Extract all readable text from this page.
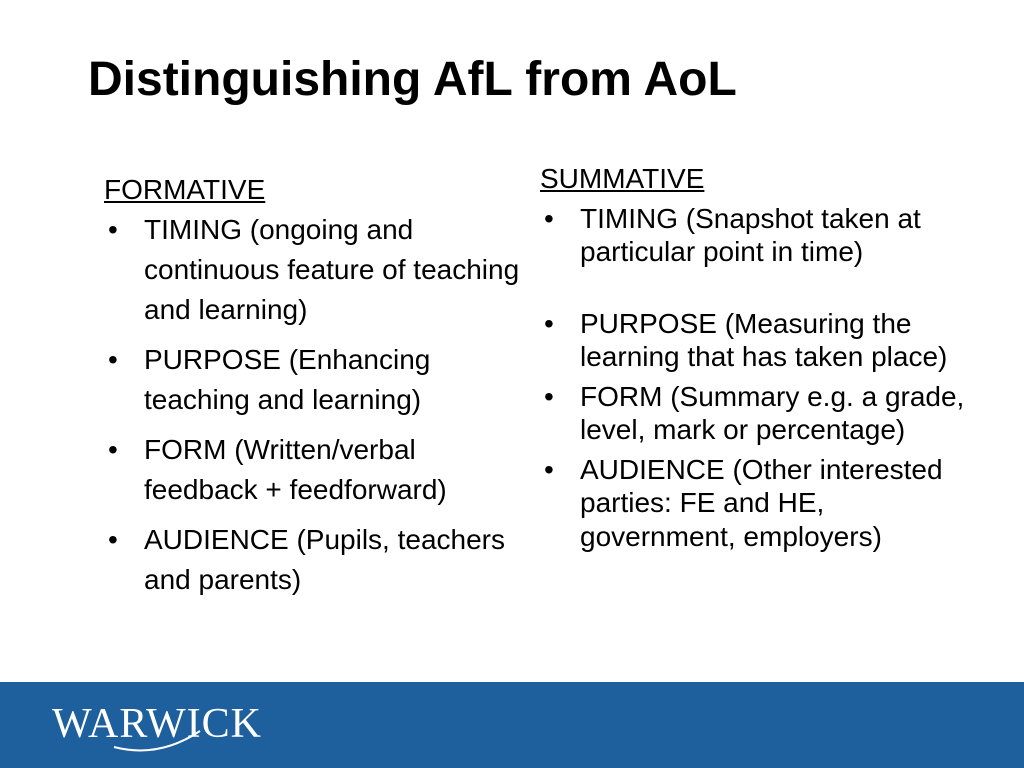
Distinguishing AfL from AoL

FORMATIVE

• TIMING (ongoing and continuous feature of teaching and learning)
• PURPOSE (Enhancing teaching and learning)
• FORM (Written/verbal feedback + feedforward)
• AUDIENCE (Pupils, teachers and parents)

SUMMATIVE

• TIMING (Snapshot taken at particular point in time)
• PURPOSE (Measuring the learning that has taken place)
• FORM (Summary e.g. a grade, level, mark or percentage)
• AUDIENCE (Other interested parties: FE and HE, government, employers)
WARWICK
